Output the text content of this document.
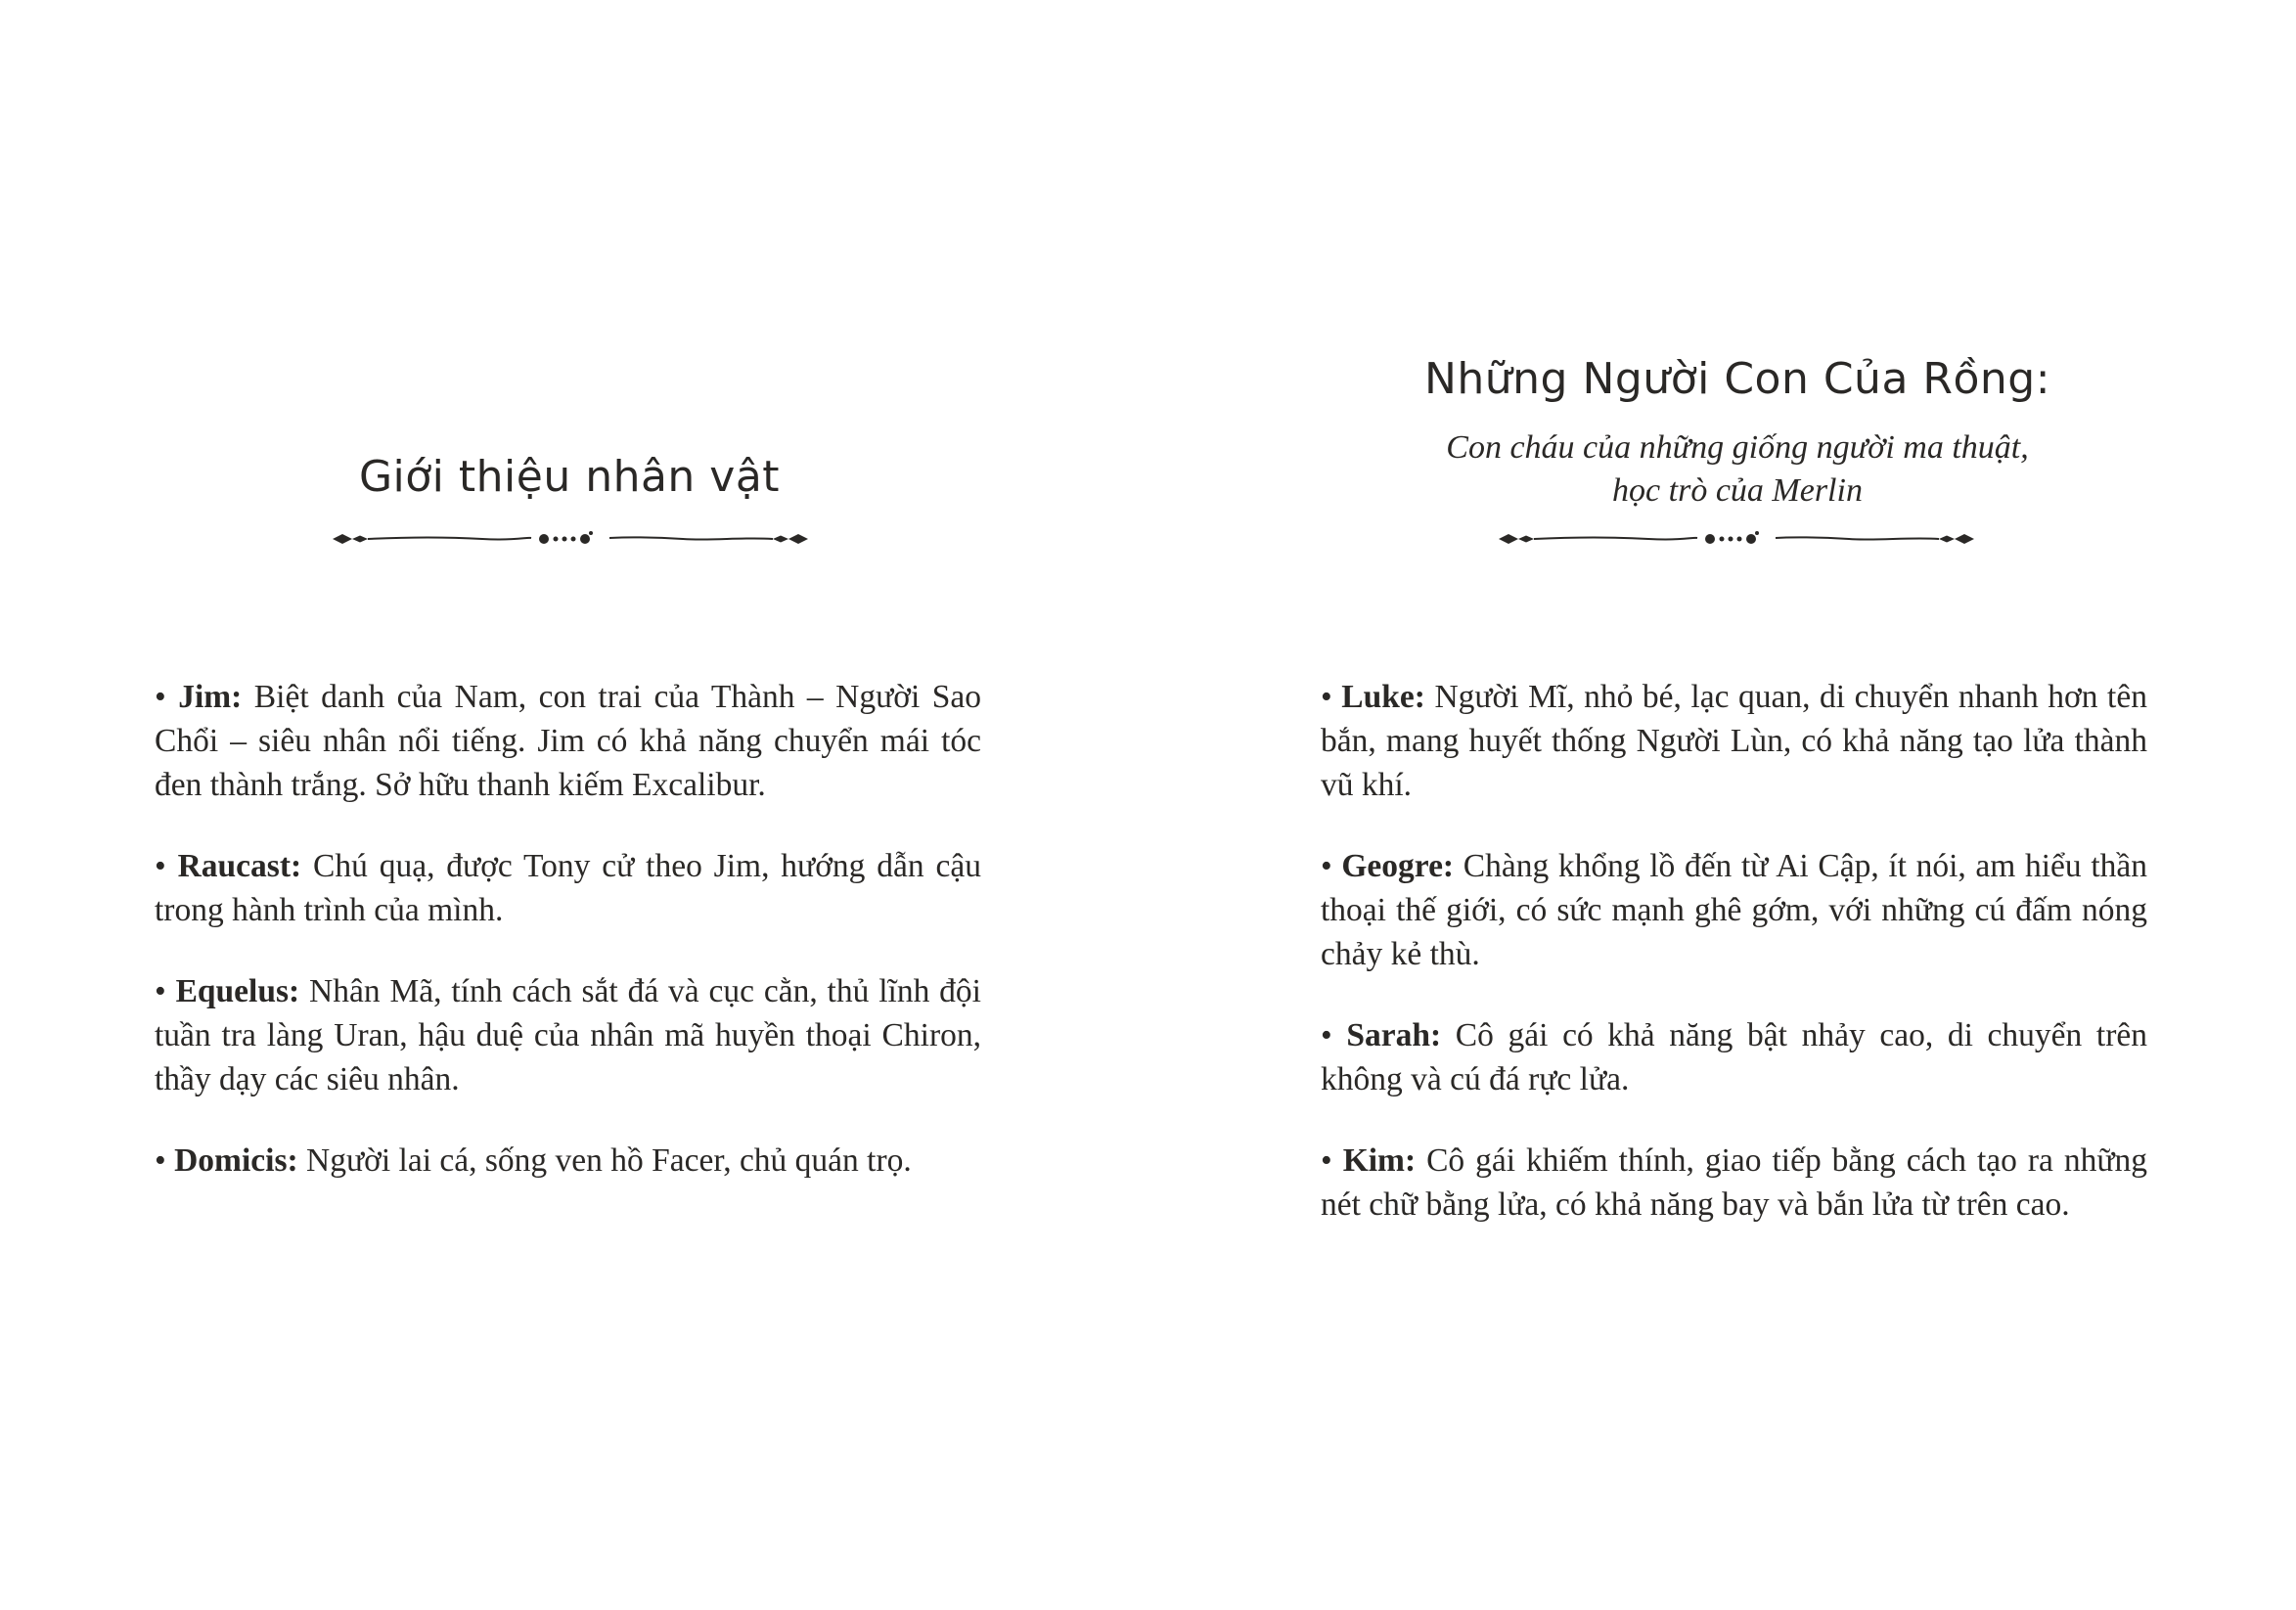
Giới thiệu nhân vật

• Jim: Biệt danh của Nam, con trai của Thành – Người Sao Chổi – siêu nhân nổi tiếng. Jim có khả năng chuyển mái tóc đen thành trắng. Sở hữu thanh kiếm Excalibur.

• Raucast: Chú quạ, được Tony cử theo Jim, hướng dẫn cậu trong hành trình của mình.

• Equelus: Nhân Mã, tính cách sắt đá và cục cằn, thủ lĩnh đội tuần tra làng Uran, hậu duệ của nhân mã huyền thoại Chiron, thầy dạy các siêu nhân.

• Domicis: Người lai cá, sống ven hồ Facer, chủ quán trọ.

Những Người Con Của Rồng:
Con cháu của những giống người ma thuật,
học trò của Merlin

• Luke: Người Mĩ, nhỏ bé, lạc quan, di chuyển nhanh hơn tên bắn, mang huyết thống Người Lùn, có khả năng tạo lửa thành vũ khí.

• Geogre: Chàng khổng lồ đến từ Ai Cập, ít nói, am hiểu thần thoại thế giới, có sức mạnh ghê gớm, với những cú đấm nóng chảy kẻ thù.

• Sarah: Cô gái có khả năng bật nhảy cao, di chuyển trên không và cú đá rực lửa.

• Kim: Cô gái khiếm thính, giao tiếp bằng cách tạo ra những nét chữ bằng lửa, có khả năng bay và bắn lửa từ trên cao.
